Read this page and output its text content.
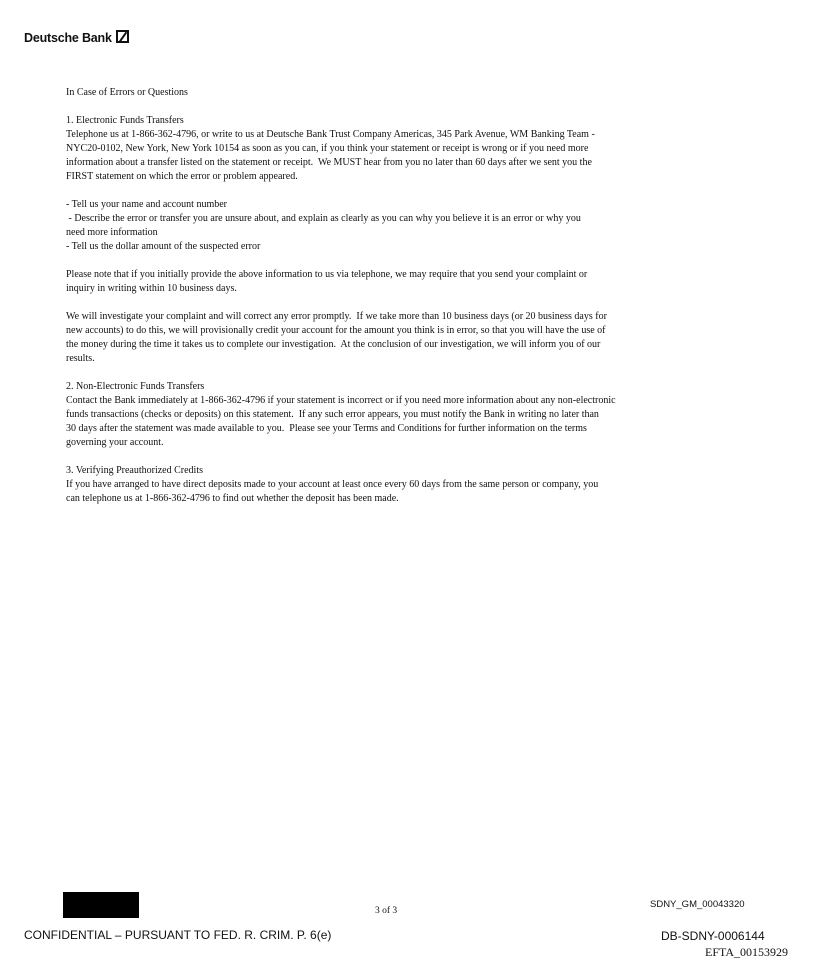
Deutsche Bank
In Case of Errors or Questions
1. Electronic Funds Transfers
Telephone us at 1-866-362-4796, or write to us at Deutsche Bank Trust Company Americas, 345 Park Avenue, WM Banking Team -
NYC20-0102, New York, New York 10154 as soon as you can, if you think your statement or receipt is wrong or if you need more
information about a transfer listed on the statement or receipt.  We MUST hear from you no later than 60 days after we sent you the
FIRST statement on which the error or problem appeared.
- Tell us your name and account number
- Describe the error or transfer you are unsure about, and explain as clearly as you can why you believe it is an error or why you
need more information
- Tell us the dollar amount of the suspected error
Please note that if you initially provide the above information to us via telephone, we may require that you send your complaint or
inquiry in writing within 10 business days.
We will investigate your complaint and will correct any error promptly.  If we take more than 10 business days (or 20 business days for
new accounts) to do this, we will provisionally credit your account for the amount you think is in error, so that you will have the use of
the money during the time it takes us to complete our investigation.  At the conclusion of our investigation, we will inform you of our
results.
2. Non-Electronic Funds Transfers
Contact the Bank immediately at 1-866-362-4796 if your statement is incorrect or if you need more information about any non-electronic
funds transactions (checks or deposits) on this statement.  If any such error appears, you must notify the Bank in writing no later than
30 days after the statement was made available to you.  Please see your Terms and Conditions for further information on the terms
governing your account.
3. Verifying Preauthorized Credits
If you have arranged to have direct deposits made to your account at least once every 60 days from the same person or company, you
can telephone us at 1-866-362-4796 to find out whether the deposit has been made.
3 of 3
CONFIDENTIAL – PURSUANT TO FED. R. CRIM. P. 6(e)
SDNY_GM_00043320
DB-SDNY-0006144
EFTA_00153929
